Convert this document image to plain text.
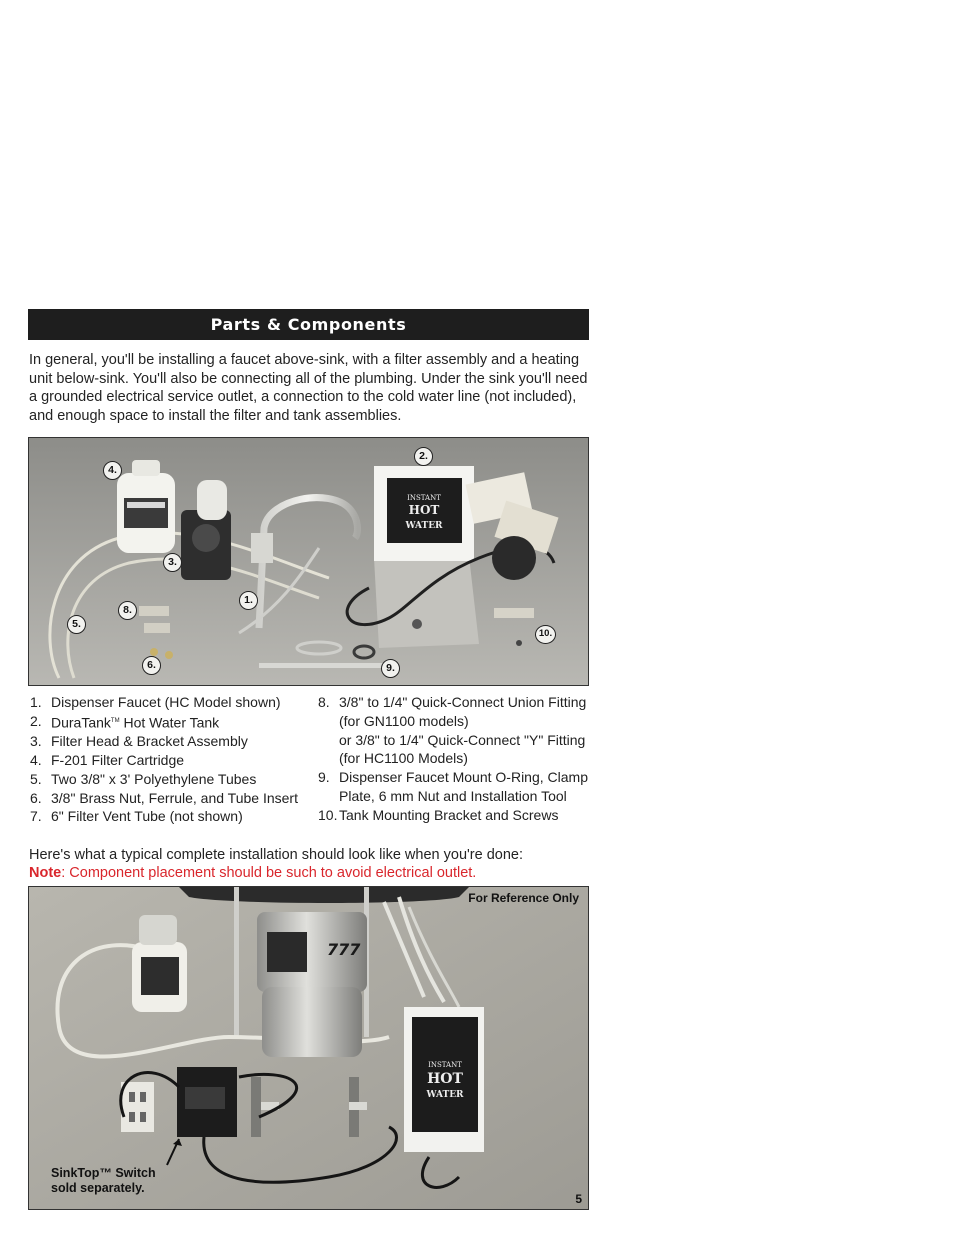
Parts & Components

In general, you'll be installing a faucet above-sink, with a filter assembly and a heating unit below-sink. You'll also be connecting all of the plumbing. Under the sink you'll need a grounded electrical service outlet, a connection to the cold water line (not included), and enough space to install the filter and tank assemblies.

INSTANT
HOT
WATER
4.
2.
3.
1.
8.
5.
6.	9.
10.
1. Dispenser Faucet (HC Model shown)
2. DuraTank™ Hot Water Tank
3. Filter Head & Bracket Assembly
4. F-201 Filter Cartridge
5. Two 3/8" x 3' Polyethylene Tubes
6. 3/8" Brass Nut, Ferrule, and Tube Insert
7. 6" Filter Vent Tube (not shown)
8. 3/8" to 1/4" Quick-Connect Union Fitting
(for GN1100 models)
or 3/8" to 1/4" Quick-Connect "Y" Fitting
(for HC1100 Models)
9. Dispenser Faucet Mount O-Ring, Clamp
Plate, 6 mm Nut and Installation Tool
10. Tank Mounting Bracket and Screws
Here's what a typical complete installation should look like when you're done:
Note: Component placement should be such to avoid electrical outlet.
777
INSTANT
HOT
WATER
For Reference Only
SinkTop™ Switch
sold separately.
5
